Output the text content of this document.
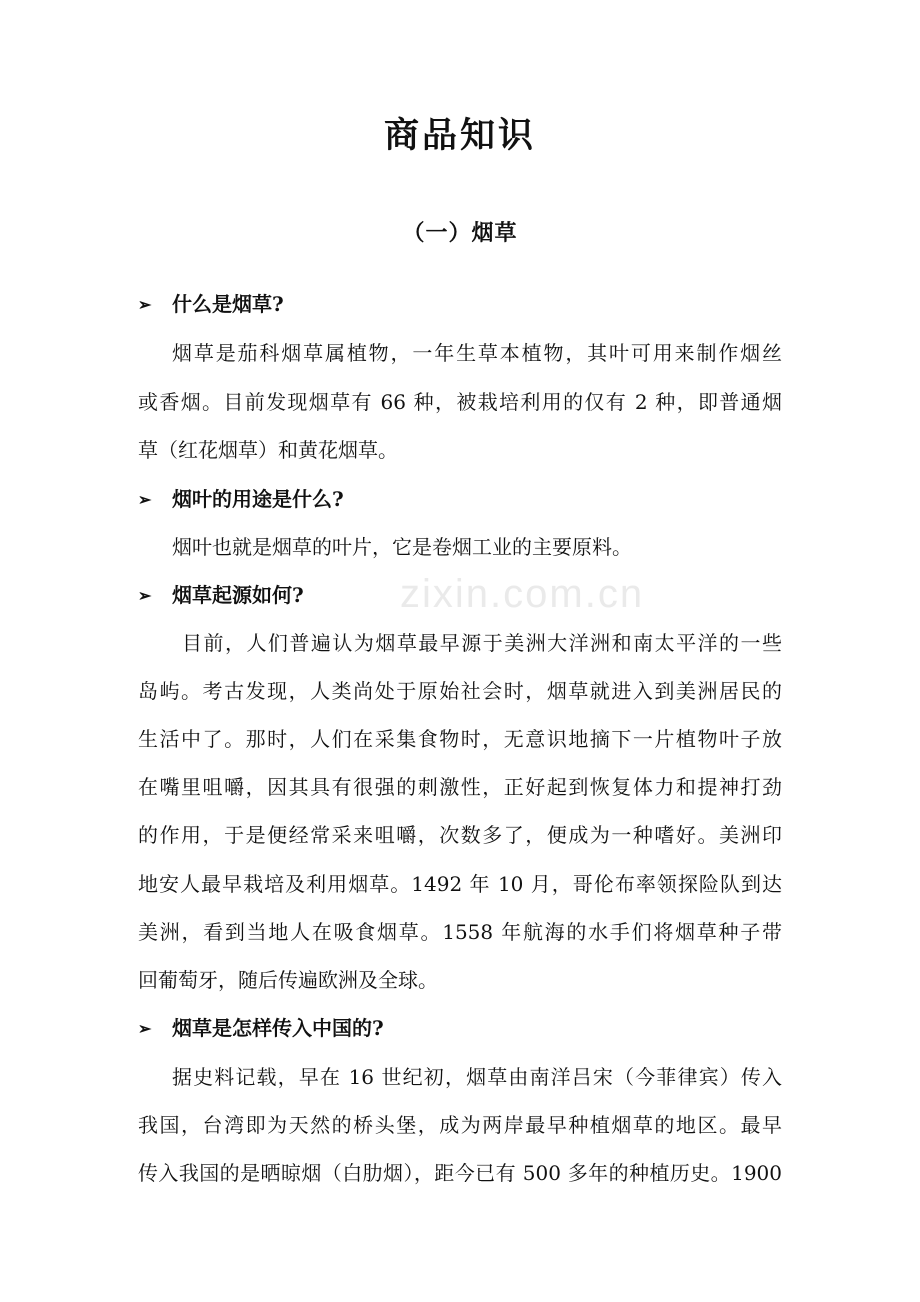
zixin.com.cn
商品知识
（一）烟草
➢ 什么是烟草?
烟草是茄科烟草属植物，一年生草本植物，其叶可用来制作烟丝
或香烟。目前发现烟草有 66 种，被栽培利用的仅有 2 种，即普通烟
草（红花烟草）和黄花烟草。
➢ 烟叶的用途是什么?
烟叶也就是烟草的叶片，它是卷烟工业的主要原料。
➢ 烟草起源如何?
目前，人们普遍认为烟草最早源于美洲大洋洲和南太平洋的一些
岛屿。考古发现，人类尚处于原始社会时，烟草就进入到美洲居民的
生活中了。那时，人们在采集食物时，无意识地摘下一片植物叶子放
在嘴里咀嚼，因其具有很强的刺激性，正好起到恢复体力和提神打劲
的作用，于是便经常采来咀嚼，次数多了，便成为一种嗜好。美洲印
地安人最早栽培及利用烟草。1492 年 10 月，哥伦布率领探险队到达
美洲，看到当地人在吸食烟草。1558 年航海的水手们将烟草种子带
回葡萄牙，随后传遍欧洲及全球。
➢ 烟草是怎样传入中国的?
据史料记载，早在 16 世纪初，烟草由南洋吕宋（今菲律宾）传入
我国，台湾即为天然的桥头堡，成为两岸最早种植烟草的地区。最早
传入我国的是晒晾烟（白肋烟），距今已有 500 多年的种植历史。1900
